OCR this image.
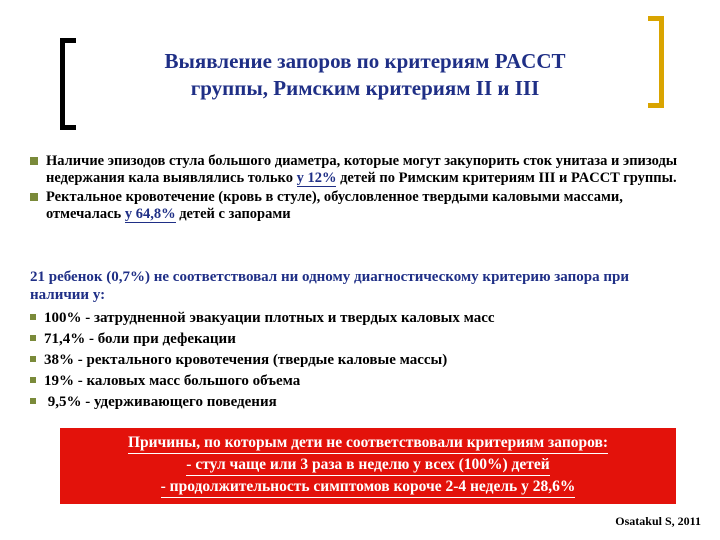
Выявление запоров по критериям PACCT
группы, Римским критериям II и III
Наличие эпизодов стула большого диаметра, которые могут закупорить сток унитаза и эпизоды недержания кала выявлялись только у 12% детей по Римским критериям III и PACCT группы.
Ректальное кровотечение (кровь в стуле), обусловленное твердыми каловыми массами, отмечалась у 64,8% детей с запорами
21 ребенок (0,7%) не соответствовал ни одному диагностическому критерию запора при наличии у:
100% - затрудненной эвакуации плотных и твердых каловых масс
71,4% - боли при дефекации
38% - ректального кровотечения (твердые каловые массы)
19% - каловых масс большого объема
9,5% - удерживающего поведения
Причины, по которым дети не соответствовали критериям запоров:
- стул чаще или 3 раза в неделю у всех (100%) детей
- продолжительность симптомов короче 2-4 недель у 28,6%
Osatakul S, 2011
